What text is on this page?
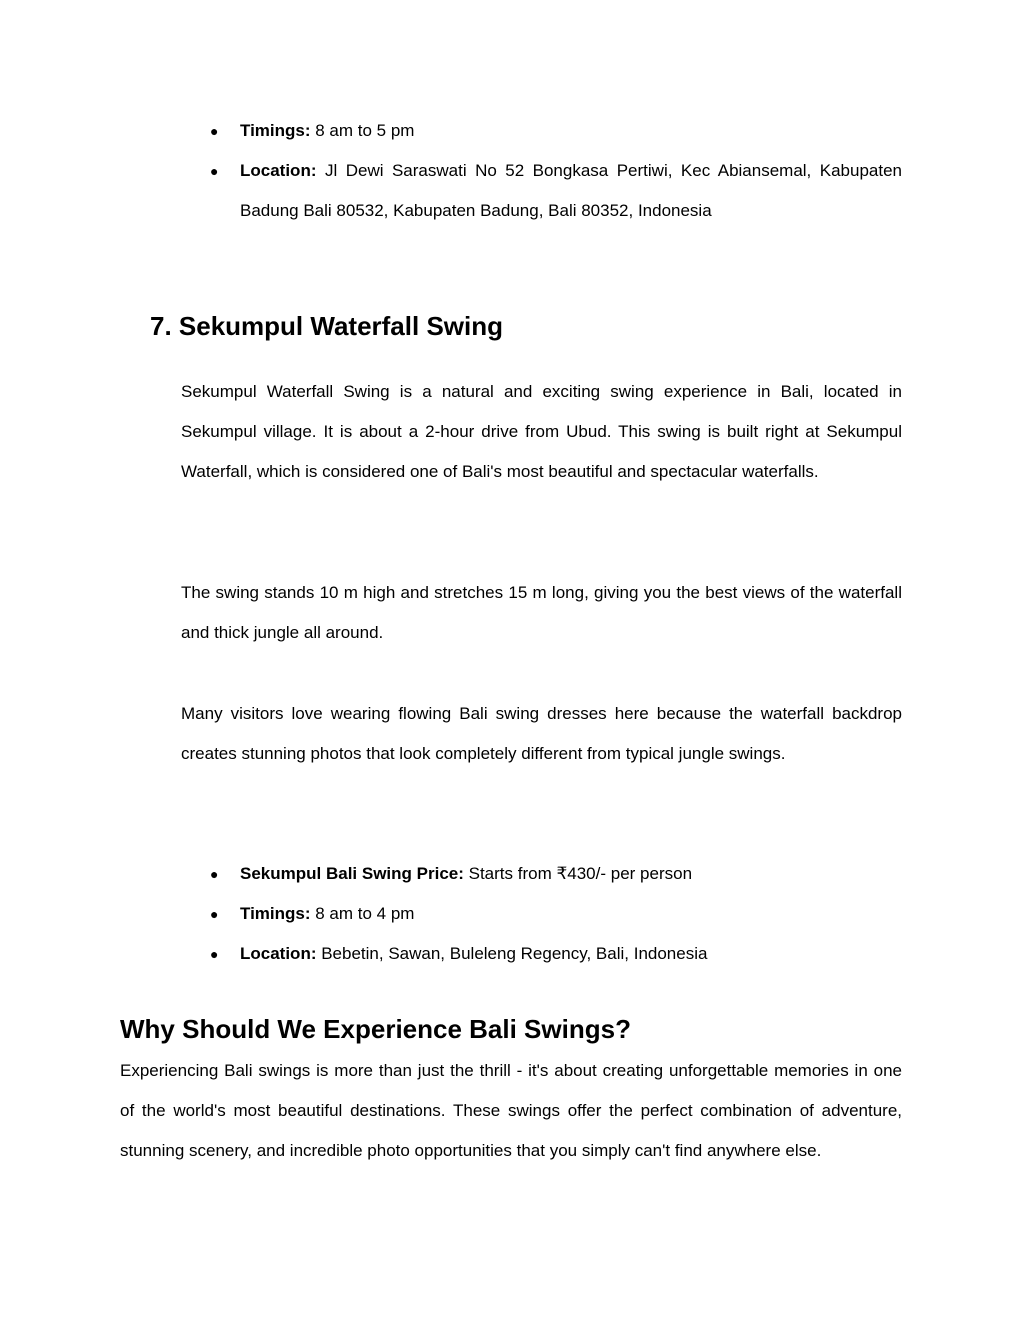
● Timings: 8 am to 5 pm
● Location: Jl Dewi Saraswati No 52 Bongkasa Pertiwi, Kec Abiansemal, Kabupaten Badung Bali 80532, Kabupaten Badung, Bali 80352, Indonesia
7. Sekumpul Waterfall Swing

Sekumpul Waterfall Swing is a natural and exciting swing experience in Bali, located in Sekumpul village. It is about a 2-hour drive from Ubud. This swing is built right at Sekumpul Waterfall, which is considered one of Bali's most beautiful and spectacular waterfalls.

The swing stands 10 m high and stretches 15 m long, giving you the best views of the waterfall and thick jungle all around.

Many visitors love wearing flowing Bali swing dresses here because the waterfall backdrop creates stunning photos that look completely different from typical jungle swings.

● Sekumpul Bali Swing Price: Starts from ₹430/- per person
● Timings: 8 am to 4 pm
● Location: Bebetin, Sawan, Buleleng Regency, Bali, Indonesia
Why Should We Experience Bali Swings?

Experiencing Bali swings is more than just the thrill - it's about creating unforgettable memories in one of the world's most beautiful destinations. These swings offer the perfect combination of adventure, stunning scenery, and incredible photo opportunities that you simply can't find anywhere else.
